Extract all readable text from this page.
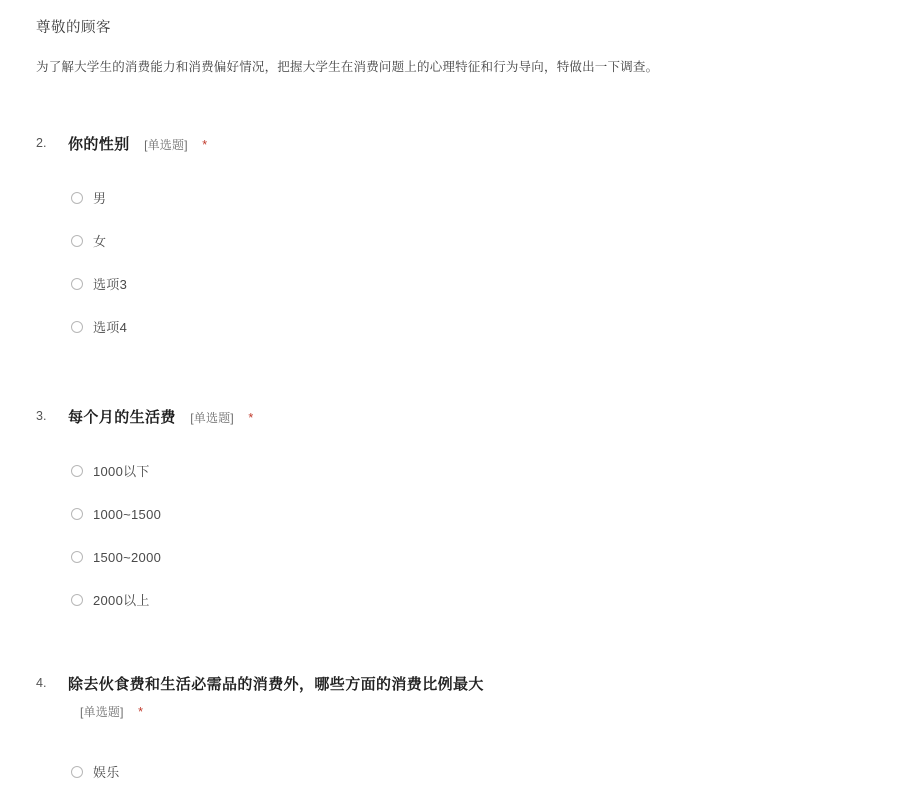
尊敬的顾客
为了解大学生的消费能力和消费偏好情况，把握大学生在消费问题上的心理特征和行为导向，特做出一下调查。
2.	你的性别 [单选题] *
男
女
选项3
选项4
3.	每个月的生活费 [单选题] *
1000以下
1000~1500
1500~2000
2000以上
4.	除去伙食费和生活必需品的消费外，哪些方面的消费比例最大
[单选题] *
娱乐
